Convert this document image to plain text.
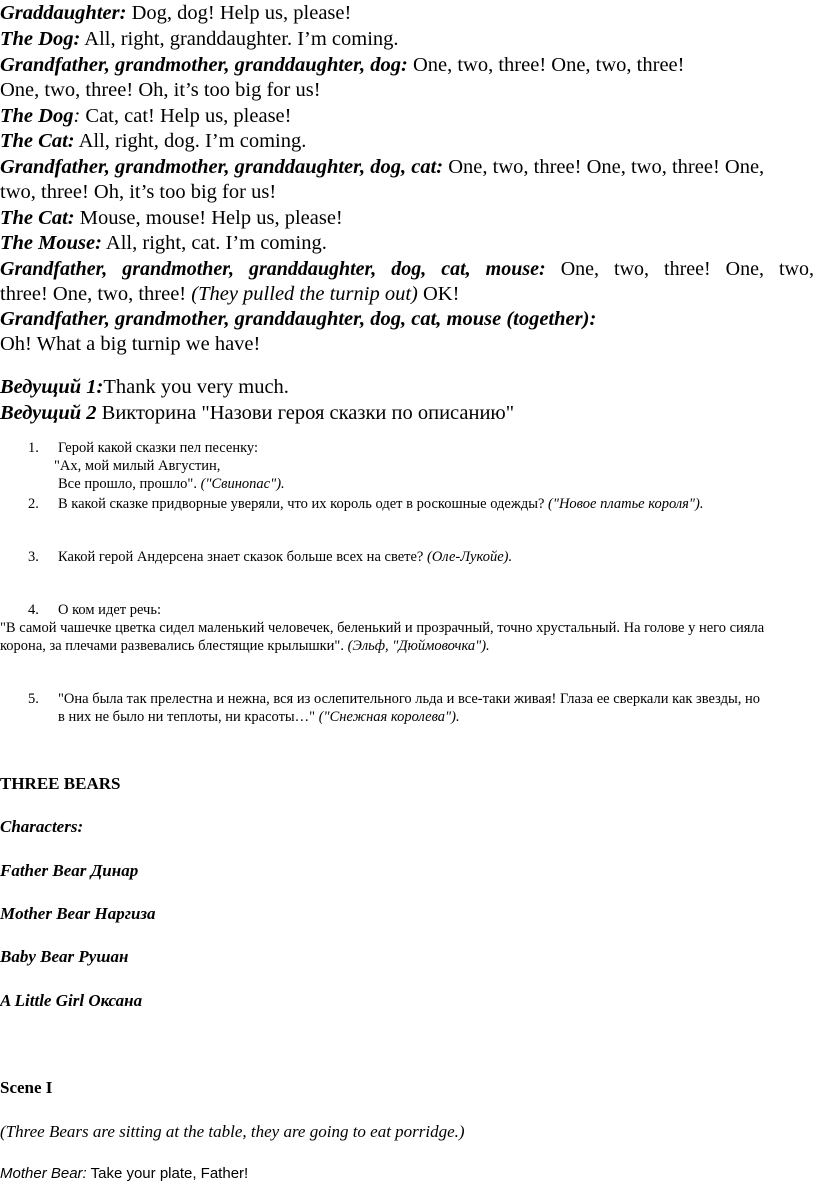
Graddaughter: Dog, dog! Help us, please!
The Dog: All, right, granddaughter. I’m coming.
Grandfather, grandmother, granddaughter, dog: One, two, three! One, two, three!
One, two, three! Oh, it’s too big for us!
The Dog: Cat, cat! Help us, please!
The Cat: All, right, dog. I’m coming.
Grandfather, grandmother, granddaughter, dog, cat: One, two, three! One, two, three! One,
two, three! Oh, it’s too big for us!
The Cat: Mouse, mouse! Help us, please!
The Mouse: All, right, cat. I’m coming.
Grandfather, grandmother, granddaughter, dog, cat, mouse: One, two, three! One, two,
three! One, two, three! (They pulled the turnip out) OK!
Grandfather, grandmother, granddaughter, dog, cat, mouse (together):
Oh! What a big turnip we have!
Ведущий 1:Thank you very much.
Ведущий 2 Викторина "Назови героя сказки по описанию"
1. Герой какой сказки пел песенку:
"Ах, мой милый Августин,
Все прошло, прошло". ("Свинопас").
2. В какой сказке придворные уверяли, что их король одет в роскошные одежды? ("Новое платье короля").
3. Какой герой Андерсена знает сказок больше всех на свете? (Оле-Лукойе).
4. О ком идет речь:
"В самой чашечке цветка сидел маленький человечек, беленький и прозрачный, точно хрустальный. На голове у него сияла
корона, за плечами развевались блестящие крылышки". (Эльф, "Дюймовочка").
5. "Она была так прелестна и нежна, вся из ослепительного льда и все-таки живая! Глаза ее сверкали как звезды, но
в них не было ни теплоты, ни красоты…" ("Снежная королева").
THREE BEARS
Characters:
Father Bear Динар
Mother Bear Наргиза
Baby Bear Рушан
A Little Girl Оксана
Scene I
(Three Bears are sitting at the table, they are going to eat porridge.)
Mother Bear: Take your plate, Father!
